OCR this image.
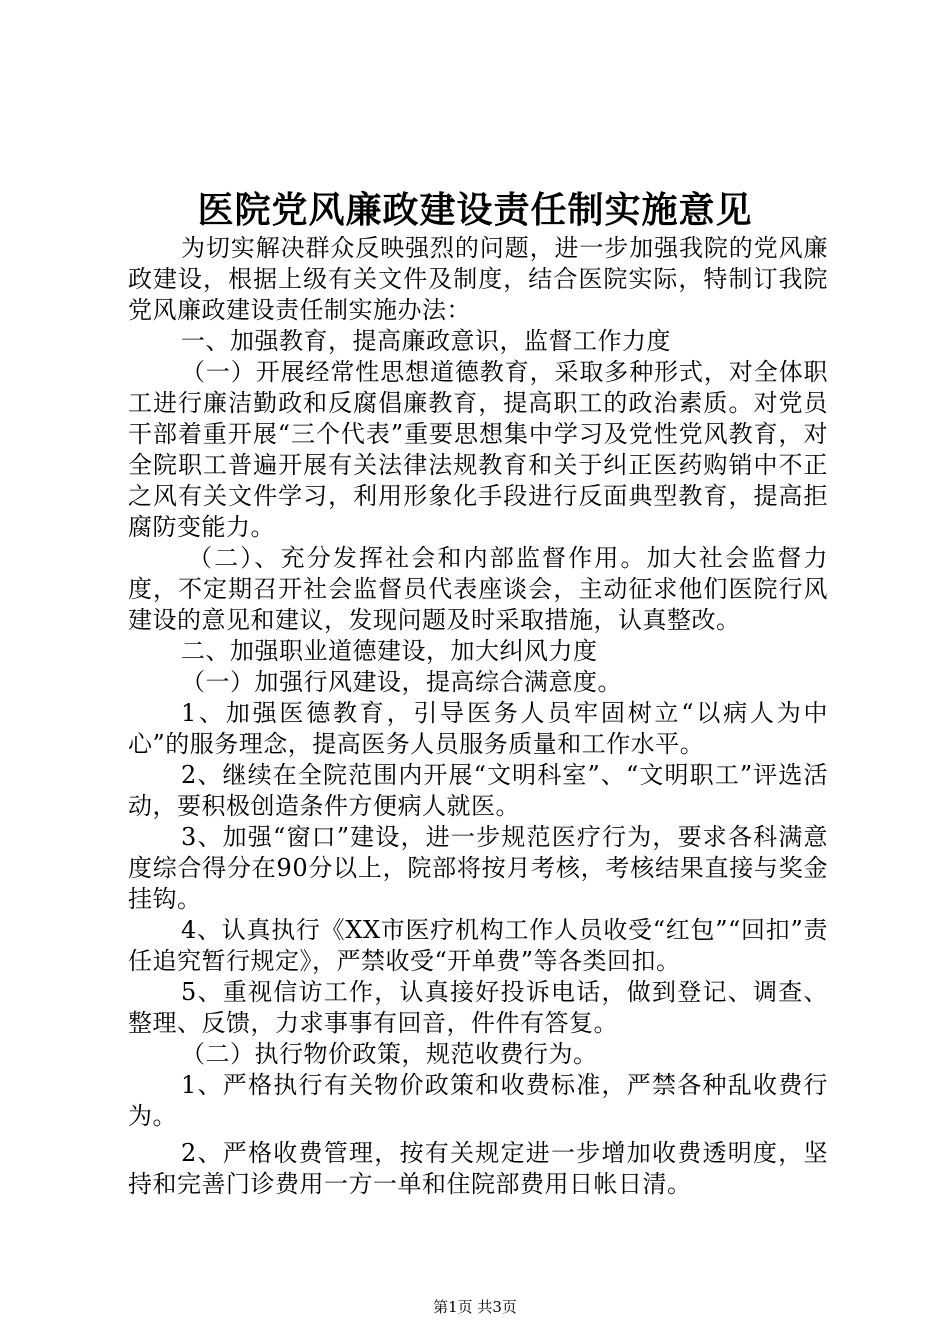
医院党风廉政建设责任制实施意见

为切实解决群众反映强烈的问题，进一步加强我院的党风廉政建设，根据上级有关文件及制度，结合医院实际，特制订我院党风廉政建设责任制实施办法：

一、加强教育，提高廉政意识，监督工作力度

（一）开展经常性思想道德教育，采取多种形式，对全体职工进行廉洁勤政和反腐倡廉教育，提高职工的政治素质。对党员干部着重开展“三个代表”重要思想集中学习及党性党风教育，对全院职工普遍开展有关法律法规教育和关于纠正医药购销中不正之风有关文件学习，利用形象化手段进行反面典型教育，提高拒腐防变能力。

（二）、充分发挥社会和内部监督作用。加大社会监督力度，不定期召开社会监督员代表座谈会，主动征求他们医院行风建设的意见和建议，发现问题及时采取措施，认真整改。

二、加强职业道德建设，加大纠风力度

（一）加强行风建设，提高综合满意度。

1、加强医德教育，引导医务人员牢固树立“以病人为中心”的服务理念，提高医务人员服务质量和工作水平。

2、继续在全院范围内开展“文明科室”、“文明职工”评选活动，要积极创造条件方便病人就医。

3、加强“窗口”建设，进一步规范医疗行为，要求各科满意度综合得分在90分以上，院部将按月考核，考核结果直接与奖金挂钩。

4、认真执行《XX市医疗机构工作人员收受“红包”“回扣”责任追究暂行规定》，严禁收受“开单费”等各类回扣。

5、重视信访工作，认真接好投诉电话，做到登记、调查、整理、反馈，力求事事有回音，件件有答复。

（二）执行物价政策，规范收费行为。

1、严格执行有关物价政策和收费标准，严禁各种乱收费行为。

2、严格收费管理，按有关规定进一步增加收费透明度，坚持和完善门诊费用一方一单和住院部费用日帐日清。

第1页 共3页
